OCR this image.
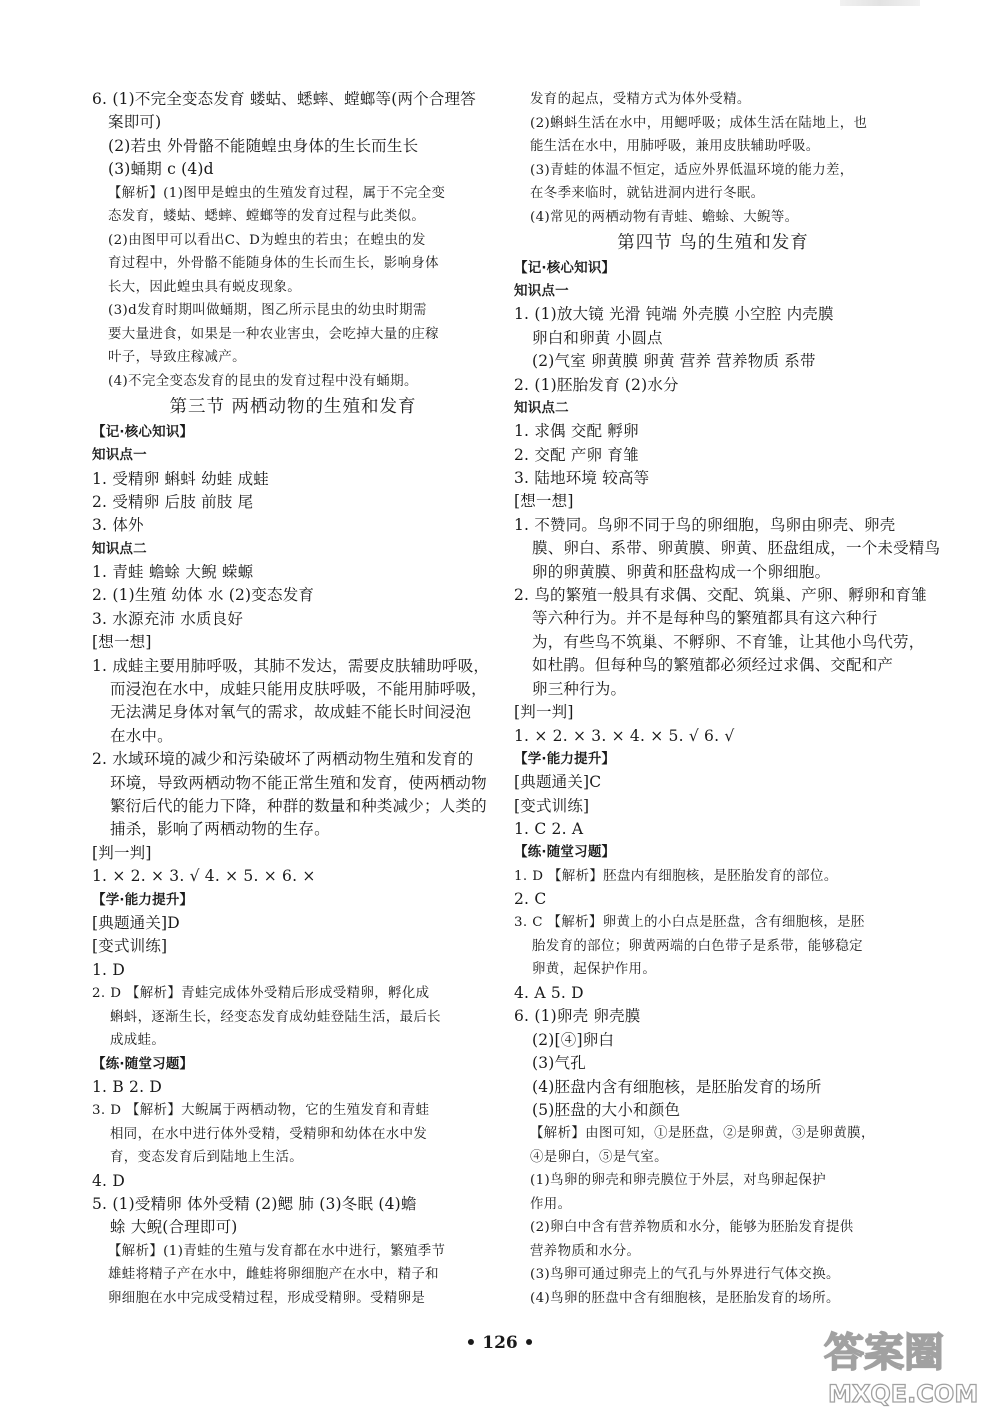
6. (1)不完全变态发育 蝼蛄、蟋蟀、螳螂等(两个合理答
案即可)
(2)若虫 外骨骼不能随蝗虫身体的生长而生长
(3)蛹期 c (4)d
【解析】(1)图甲是蝗虫的生殖发育过程，属于不完全变
态发育，蝼蛄、蟋蟀、螳螂等的发育过程与此类似。
(2)由图甲可以看出C、D为蝗虫的若虫；在蝗虫的发
育过程中，外骨骼不能随身体的生长而生长，影响身体
长大，因此蝗虫具有蜕皮现象。
(3)d发育时期叫做蛹期，图乙所示昆虫的幼虫时期需
要大量进食，如果是一种农业害虫，会吃掉大量的庄稼
叶子，导致庄稼减产。
(4)不完全变态发育的昆虫的发育过程中没有蛹期。
第三节 两栖动物的生殖和发育
【记·核心知识】
知识点一
1. 受精卵 蝌蚪 幼蛙 成蛙
2. 受精卵 后肢 前肢 尾
3. 体外
知识点二
1. 青蛙 蟾蜍 大鲵 蝾螈
2. (1)生殖 幼体 水 (2)变态发育
3. 水源充沛 水质良好
[想一想]
1. 成蛙主要用肺呼吸，其肺不发达，需要皮肤辅助呼吸，
而浸泡在水中，成蛙只能用皮肤呼吸，不能用肺呼吸，
无法满足身体对氧气的需求，故成蛙不能长时间浸泡
在水中。
2. 水域环境的减少和污染破坏了两栖动物生殖和发育的
环境，导致两栖动物不能正常生殖和发育，使两栖动物
繁衍后代的能力下降，种群的数量和种类减少；人类的
捕杀，影响了两栖动物的生存。
[判一判]
1. × 2. × 3. √ 4. × 5. × 6. ×
【学·能力提升】
[典题通关]D
[变式训练]
1. D
2. D 【解析】青蛙完成体外受精后形成受精卵，孵化成
蝌蚪，逐渐生长，经变态发育成幼蛙登陆生活，最后长
成成蛙。
【练·随堂习题】
1. B 2. D
3. D 【解析】大鲵属于两栖动物，它的生殖发育和青蛙
相同，在水中进行体外受精，受精卵和幼体在水中发
育，变态发育后到陆地上生活。
4. D
5. (1)受精卵 体外受精 (2)鳃 肺 (3)冬眠 (4)蟾
蜍 大鲵(合理即可)
【解析】(1)青蛙的生殖与发育都在水中进行，繁殖季节
雄蛙将精子产在水中，雌蛙将卵细胞产在水中，精子和
卵细胞在水中完成受精过程，形成受精卵。受精卵是
发育的起点，受精方式为体外受精。
(2)蝌蚪生活在水中，用鳃呼吸；成体生活在陆地上，也
能生活在水中，用肺呼吸，兼用皮肤辅助呼吸。
(3)青蛙的体温不恒定，适应外界低温环境的能力差，
在冬季来临时，就钻进洞内进行冬眠。
(4)常见的两栖动物有青蛙、蟾蜍、大鲵等。
第四节 鸟的生殖和发育
【记·核心知识】
知识点一
1. (1)放大镜 光滑 钝端 外壳膜 小空腔 内壳膜
卵白和卵黄 小圆点
(2)气室 卵黄膜 卵黄 营养 营养物质 系带
2. (1)胚胎发育 (2)水分
知识点二
1. 求偶 交配 孵卵
2. 交配 产卵 育雏
3. 陆地环境 较高等
[想一想]
1. 不赞同。鸟卵不同于鸟的卵细胞，鸟卵由卵壳、卵壳
膜、卵白、系带、卵黄膜、卵黄、胚盘组成，一个未受精鸟
卵的卵黄膜、卵黄和胚盘构成一个卵细胞。
2. 鸟的繁殖一般具有求偶、交配、筑巢、产卵、孵卵和育雏
等六种行为。并不是每种鸟的繁殖都具有这六种行
为，有些鸟不筑巢、不孵卵、不育雏，让其他小鸟代劳，
如杜鹃。但每种鸟的繁殖都必须经过求偶、交配和产
卵三种行为。
[判一判]
1. × 2. × 3. × 4. × 5. √ 6. √
【学·能力提升】
[典题通关]C
[变式训练]
1. C 2. A
【练·随堂习题】
1. D 【解析】胚盘内有细胞核，是胚胎发育的部位。
2. C
3. C 【解析】卵黄上的小白点是胚盘，含有细胞核，是胚
胎发育的部位；卵黄两端的白色带子是系带，能够稳定
卵黄，起保护作用。
4. A 5. D
6. (1)卵壳 卵壳膜
(2)[④]卵白
(3)气孔
(4)胚盘内含有细胞核，是胚胎发育的场所
(5)胚盘的大小和颜色
【解析】由图可知，①是胚盘，②是卵黄，③是卵黄膜，
④是卵白，⑤是气室。
(1)鸟卵的卵壳和卵壳膜位于外层，对鸟卵起保护
作用。
(2)卵白中含有营养物质和水分，能够为胚胎发育提供
营养物质和水分。
(3)鸟卵可通过卵壳上的气孔与外界进行气体交换。
(4)鸟卵的胚盘中含有细胞核，是胚胎发育的场所。
• 126 •	答案圈
MXQE.COM
